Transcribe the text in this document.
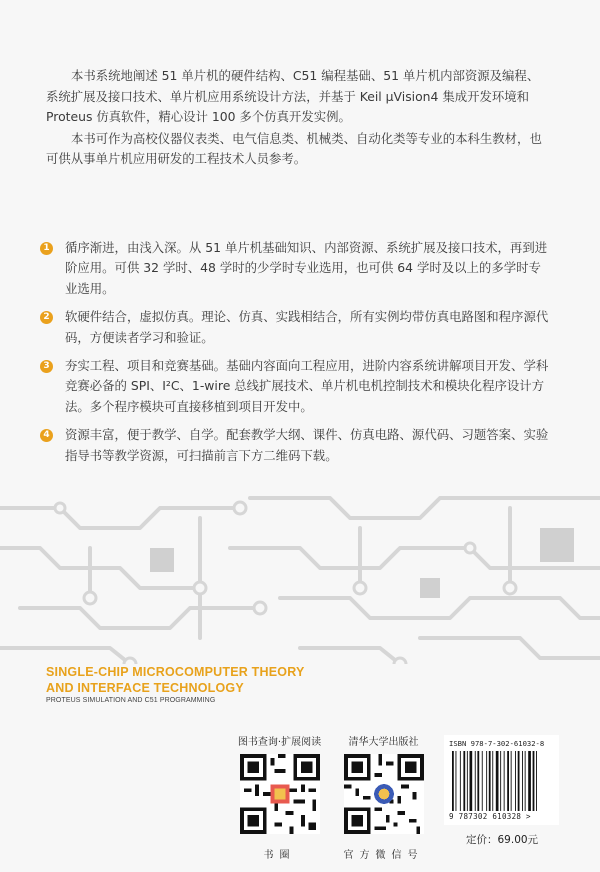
本书系统地阐述 51 单片机的硬件结构、C51 编程基础、51 单片机内部资源及编程、系统扩展及接口技术、单片机应用系统设计方法，并基于 Keil μVision4 集成开发环境和 Proteus 仿真软件，精心设计 100 多个仿真开发实例。

本书可作为高校仪器仪表类、电气信息类、机械类、自动化类等专业的本科生教材，也可供从事单片机应用研发的工程技术人员参考。

1 循序渐进，由浅入深。从 51 单片机基础知识、内部资源、系统扩展及接口技术，再到进阶应用。可供 32 学时、48 学时的少学时专业选用，也可供 64 学时及以上的多学时专业选用。
2 软硬件结合，虚拟仿真。理论、仿真、实践相结合，所有实例均带仿真电路图和程序源代码，方便读者学习和验证。
3 夯实工程、项目和竞赛基础。基础内容面向工程应用，进阶内容系统讲解项目开发、学科竞赛必备的 SPI、I²C、1-wire 总线扩展技术、单片机电机控制技术和模块化程序设计方法。多个程序模块可直接移植到项目开发中。
4 资源丰富，便于教学、自学。配套教学大纲、课件、仿真电路、源代码、习题答案、实验指导书等教学资源，可扫描前言下方二维码下载。
SINGLE-CHIP MICROCOMPUTER THEORY
AND INTERFACE TECHNOLOGY
PROTEUS SIMULATION AND C51 PROGRAMMING
图书查询·扩展阅读
书圈
清华大学出版社
官方微信号
ISBN 978-7-302-61032-8
9 787302 610328 >
定价：69.00元
